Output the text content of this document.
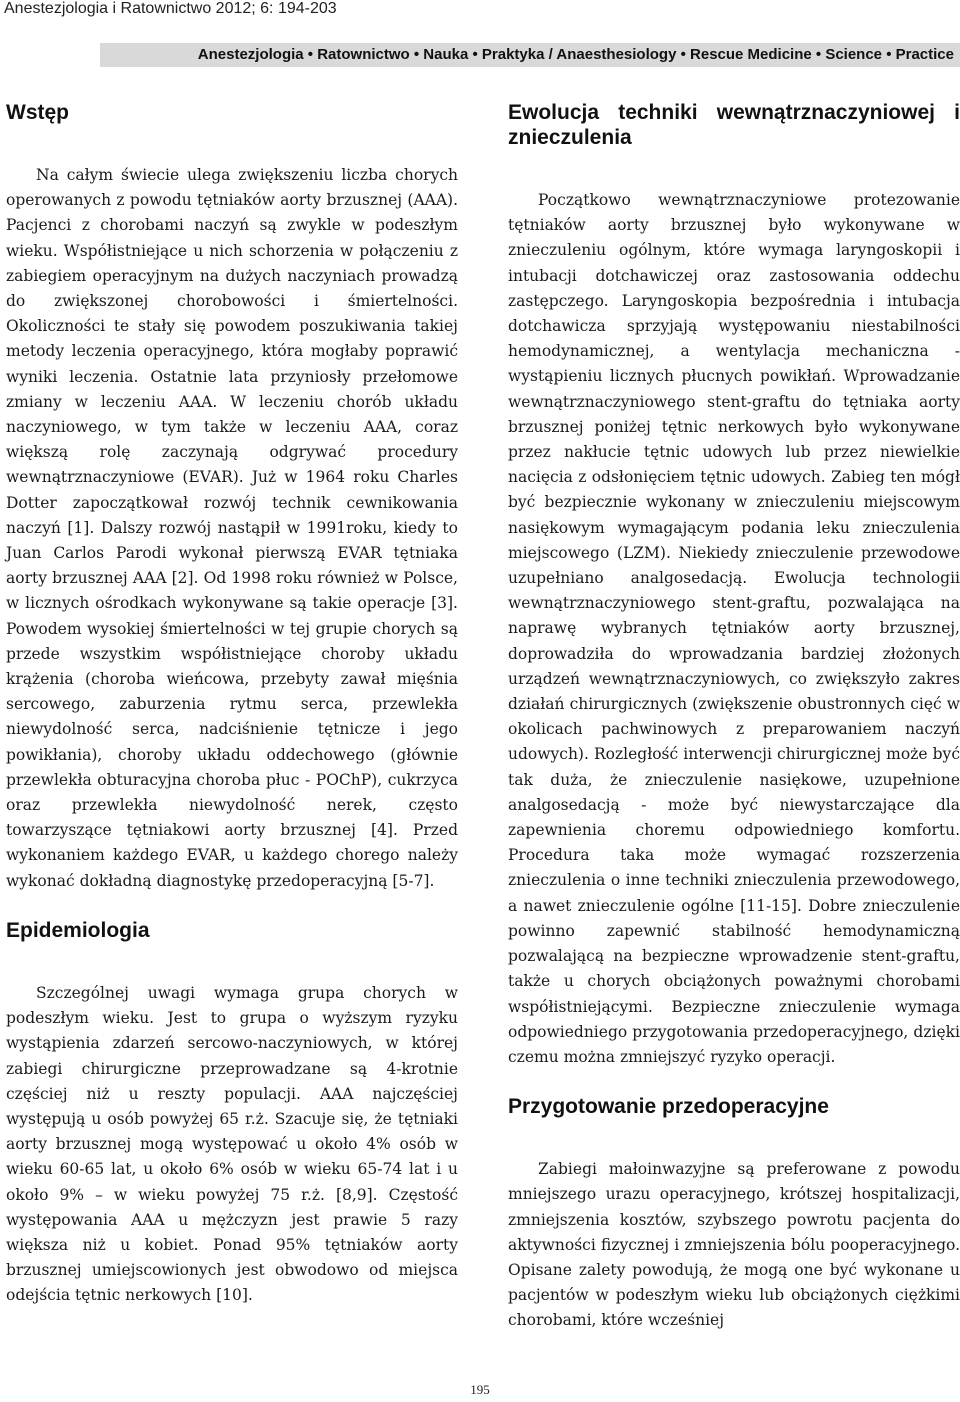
Anestezjologia i Ratownictwo 2012; 6: 194-203
Anestezjologia • Ratownictwo • Nauka • Praktyka / Anaesthesiology • Rescue Medicine • Science • Practice
Wstęp

Na całym świecie ulega zwiększeniu liczba chorych operowanych z powodu tętniaków aorty brzusznej (AAA). Pacjenci z chorobami naczyń są zwykle w podeszłym wieku. Współistniejące u nich schorzenia w połączeniu z zabiegiem operacyjnym na dużych naczyniach prowadzą do zwiększonej chorobowości i śmiertelności. Okoliczności te stały się powodem poszukiwania takiej metody leczenia operacyjnego, która mogłaby poprawić wyniki leczenia. Ostatnie lata przyniosły przełomowe zmiany w leczeniu AAA. W leczeniu chorób układu naczyniowego, w tym także w leczeniu AAA, coraz większą rolę zaczynają odgrywać procedury wewnątrznaczyniowe (EVAR). Już w 1964 roku Charles Dotter zapoczątkował rozwój technik cewnikowania naczyń [1]. Dalszy rozwój nastąpił w 1991roku, kiedy to Juan Carlos Parodi wykonał pierwszą EVAR tętniaka aorty brzusznej AAA [2]. Od 1998 roku również w Polsce, w licznych ośrodkach wykonywane są takie operacje [3]. Powodem wysokiej śmiertelności w tej grupie chorych są przede wszystkim współistniejące choroby układu krążenia (choroba wieńcowa, przebyty zawał mięśnia sercowego, zaburzenia rytmu serca, przewlekła niewydolność serca, nadciśnienie tętnicze i jego powikłania), choroby układu oddechowego (głównie przewlekła obturacyjna choroba płuc - POChP), cukrzyca oraz przewlekła niewydolność nerek, często towarzyszące tętniakowi aorty brzusznej [4]. Przed wykonaniem każdego EVAR, u każdego chorego należy wykonać dokładną diagnostykę przedoperacyjną [5-7].

Epidemiologia

Szczególnej uwagi wymaga grupa chorych w podeszłym wieku. Jest to grupa o wyższym ryzyku wystąpienia zdarzeń sercowo-naczyniowych, w której zabiegi chirurgiczne przeprowadzane są 4-krotnie częściej niż u reszty populacji. AAA najczęściej występują u osób powyżej 65 r.ż. Szacuje się, że tętniaki aorty brzusznej mogą występować u około 4% osób w wieku 60-65 lat, u około 6% osób w wieku 65-74 lat i u około 9% – w wieku powyżej 75 r.ż. [8,9]. Częstość występowania AAA u mężczyzn jest prawie 5 razy większa niż u kobiet. Ponad 95% tętniaków aorty brzusznej umiejscowionych jest obwodowo od miejsca odejścia tętnic nerkowych [10].

Ewolucja techniki wewnątrznaczyniowej i znieczulenia

Początkowo wewnątrznaczyniowe protezowanie tętniaków aorty brzusznej było wykonywane w znieczuleniu ogólnym, które wymaga laryngoskopii i intubacji dotchawiczej oraz zastosowania oddechu zastępczego. Laryngoskopia bezpośrednia i intubacja dotchawicza sprzyjają występowaniu niestabilności hemodynamicznej, a wentylacja mechaniczna - wystąpieniu licznych płucnych powikłań. Wprowadzanie wewnątrznaczyniowego stent-graftu do tętniaka aorty brzusznej poniżej tętnic nerkowych było wykonywane przez nakłucie tętnic udowych lub przez niewielkie nacięcia z odsłonięciem tętnic udowych. Zabieg ten mógł być bezpiecznie wykonany w znieczuleniu miejscowym nasiękowym wymagającym podania leku znieczulenia miejscowego (LZM). Niekiedy znieczulenie przewodowe uzupełniano analgosedacją. Ewolucja technologii wewnątrznaczyniowego stent-graftu, pozwalająca na naprawę wybranych tętniaków aorty brzusznej, doprowadziła do wprowadzania bardziej złożonych urządzeń wewnątrznaczyniowych, co zwiększyło zakres działań chirurgicznych (zwiększenie obustronnych cięć w okolicach pachwinowych z preparowaniem naczyń udowych). Rozległość interwencji chirurgicznej może być tak duża, że znieczulenie nasiękowe, uzupełnione analgosedacją - może być niewystarczające dla zapewnienia choremu odpowiedniego komfortu. Procedura taka może wymagać rozszerzenia znieczulenia o inne techniki znieczulenia przewodowego, a nawet znieczulenie ogólne [11-15]. Dobre znieczulenie powinno zapewnić stabilność hemodynamiczną pozwalającą na bezpieczne wprowadzenie stent-graftu, także u chorych obciążonych poważnymi chorobami współistniejącymi. Bezpieczne znieczulenie wymaga odpowiedniego przygotowania przedoperacyjnego, dzięki czemu można zmniejszyć ryzyko operacji.

Przygotowanie przedoperacyjne

Zabiegi małoinwazyjne są preferowane z powodu mniejszego urazu operacyjnego, krótszej hospitalizacji, zmniejszenia kosztów, szybszego powrotu pacjenta do aktywności fizycznej i zmniejszenia bólu pooperacyjnego. Opisane zalety powodują, że mogą one być wykonane u pacjentów w podeszłym wieku lub obciążonych ciężkimi chorobami, które wcześniej

195
